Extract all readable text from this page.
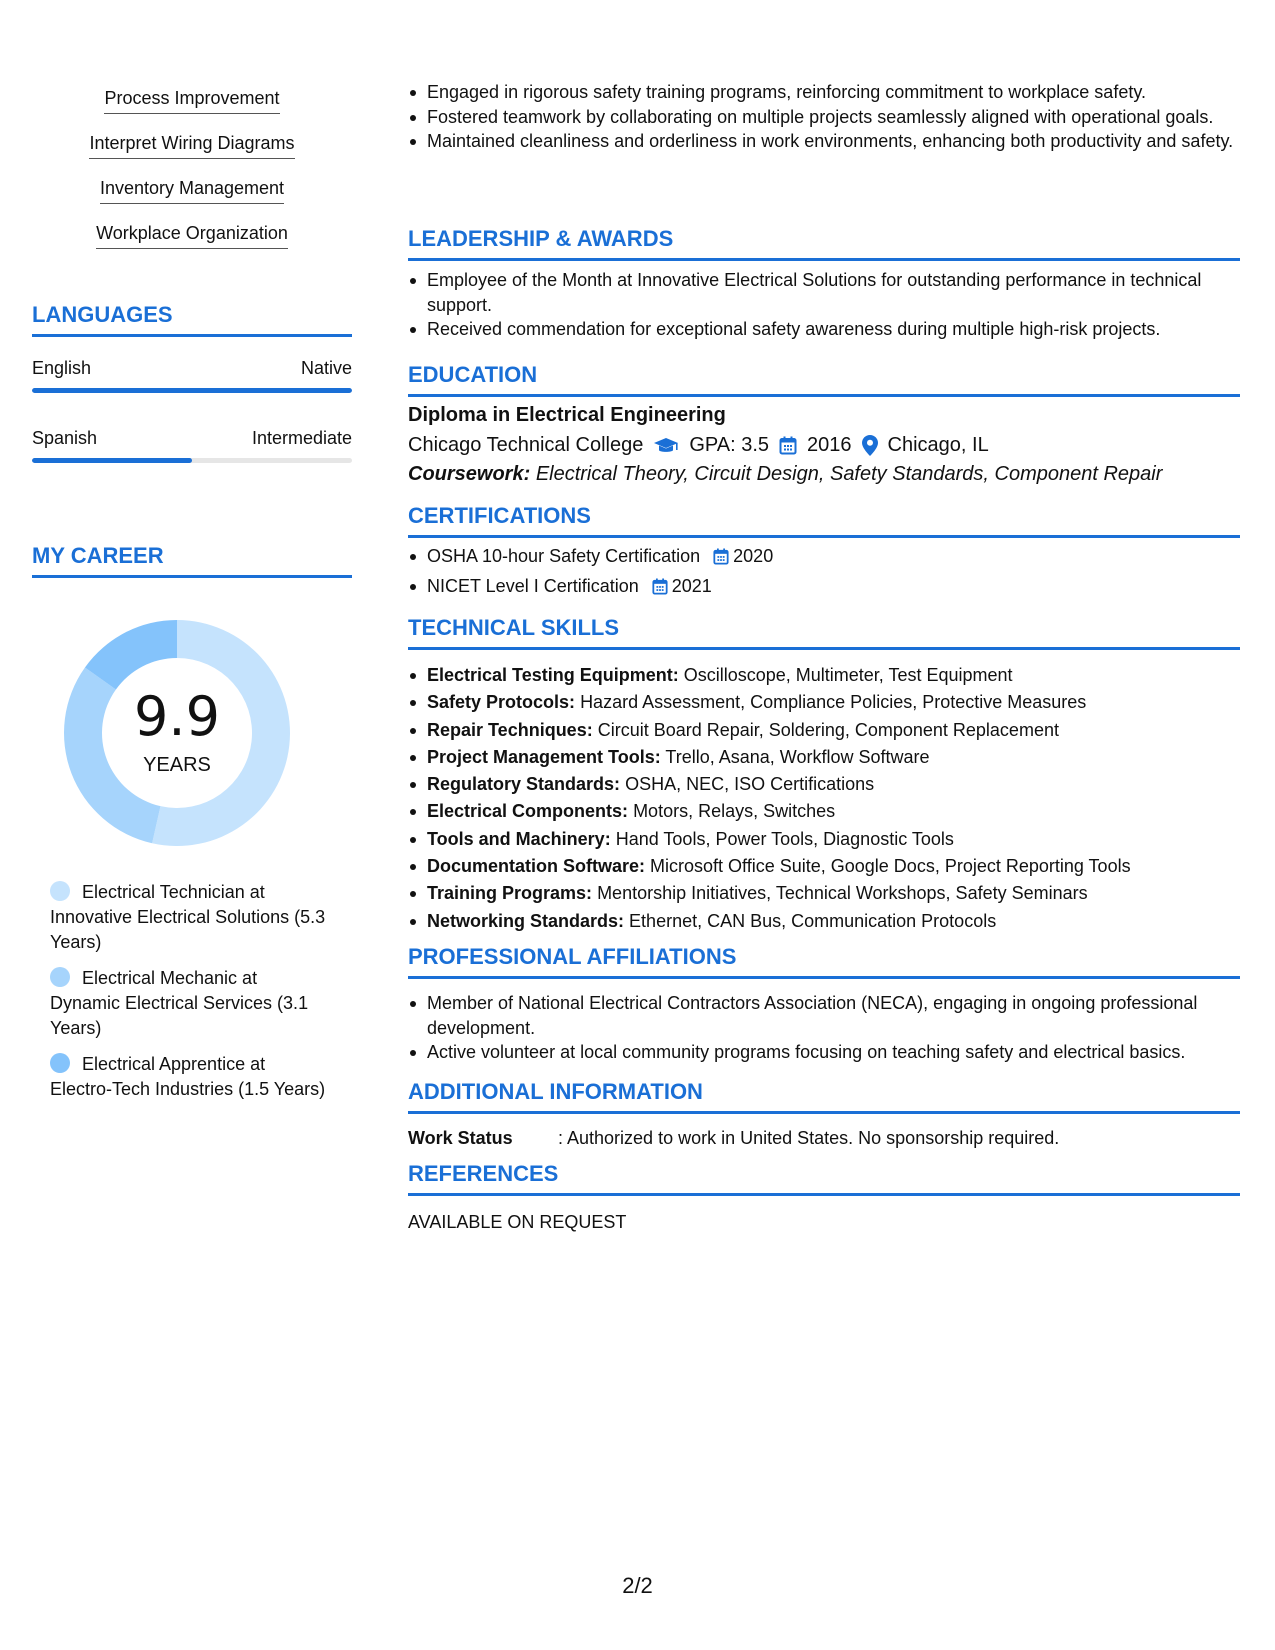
Process Improvement
Interpret Wiring Diagrams
Inventory Management
Workplace Organization
LANGUAGES
English	Native
Spanish	Intermediate
MY CAREER
9.9
YEARS
Electrical Technician at Innovative Electrical Solutions (5.3 Years)
Electrical Mechanic at Dynamic Electrical Services (3.1 Years)
Electrical Apprentice at Electro-Tech Industries (1.5 Years)
Engaged in rigorous safety training programs, reinforcing commitment to workplace safety.
Fostered teamwork by collaborating on multiple projects seamlessly aligned with operational goals.
Maintained cleanliness and orderliness in work environments, enhancing both productivity and safety.
LEADERSHIP & AWARDS
Employee of the Month at Innovative Electrical Solutions for outstanding performance in technical support.
Received commendation for exceptional safety awareness during multiple high-risk projects.
EDUCATION
Diploma in Electrical Engineering
Chicago Technical College GPA: 3.5 2016 Chicago, IL
Coursework: Electrical Theory, Circuit Design, Safety Standards, Component Repair
CERTIFICATIONS
OSHA 10-hour Safety Certification 2020
NICET Level I Certification 2021
TECHNICAL SKILLS
Electrical Testing Equipment: Oscilloscope, Multimeter, Test Equipment
Safety Protocols: Hazard Assessment, Compliance Policies, Protective Measures
Repair Techniques: Circuit Board Repair, Soldering, Component Replacement
Project Management Tools: Trello, Asana, Workflow Software
Regulatory Standards: OSHA, NEC, ISO Certifications
Electrical Components: Motors, Relays, Switches
Tools and Machinery: Hand Tools, Power Tools, Diagnostic Tools
Documentation Software: Microsoft Office Suite, Google Docs, Project Reporting Tools
Training Programs: Mentorship Initiatives, Technical Workshops, Safety Seminars
Networking Standards: Ethernet, CAN Bus, Communication Protocols
PROFESSIONAL AFFILIATIONS
Member of National Electrical Contractors Association (NECA), engaging in ongoing professional development.
Active volunteer at local community programs focusing on teaching safety and electrical basics.
ADDITIONAL INFORMATION
Work Status	: Authorized to work in United States. No sponsorship required.
REFERENCES
AVAILABLE ON REQUEST
2/2
